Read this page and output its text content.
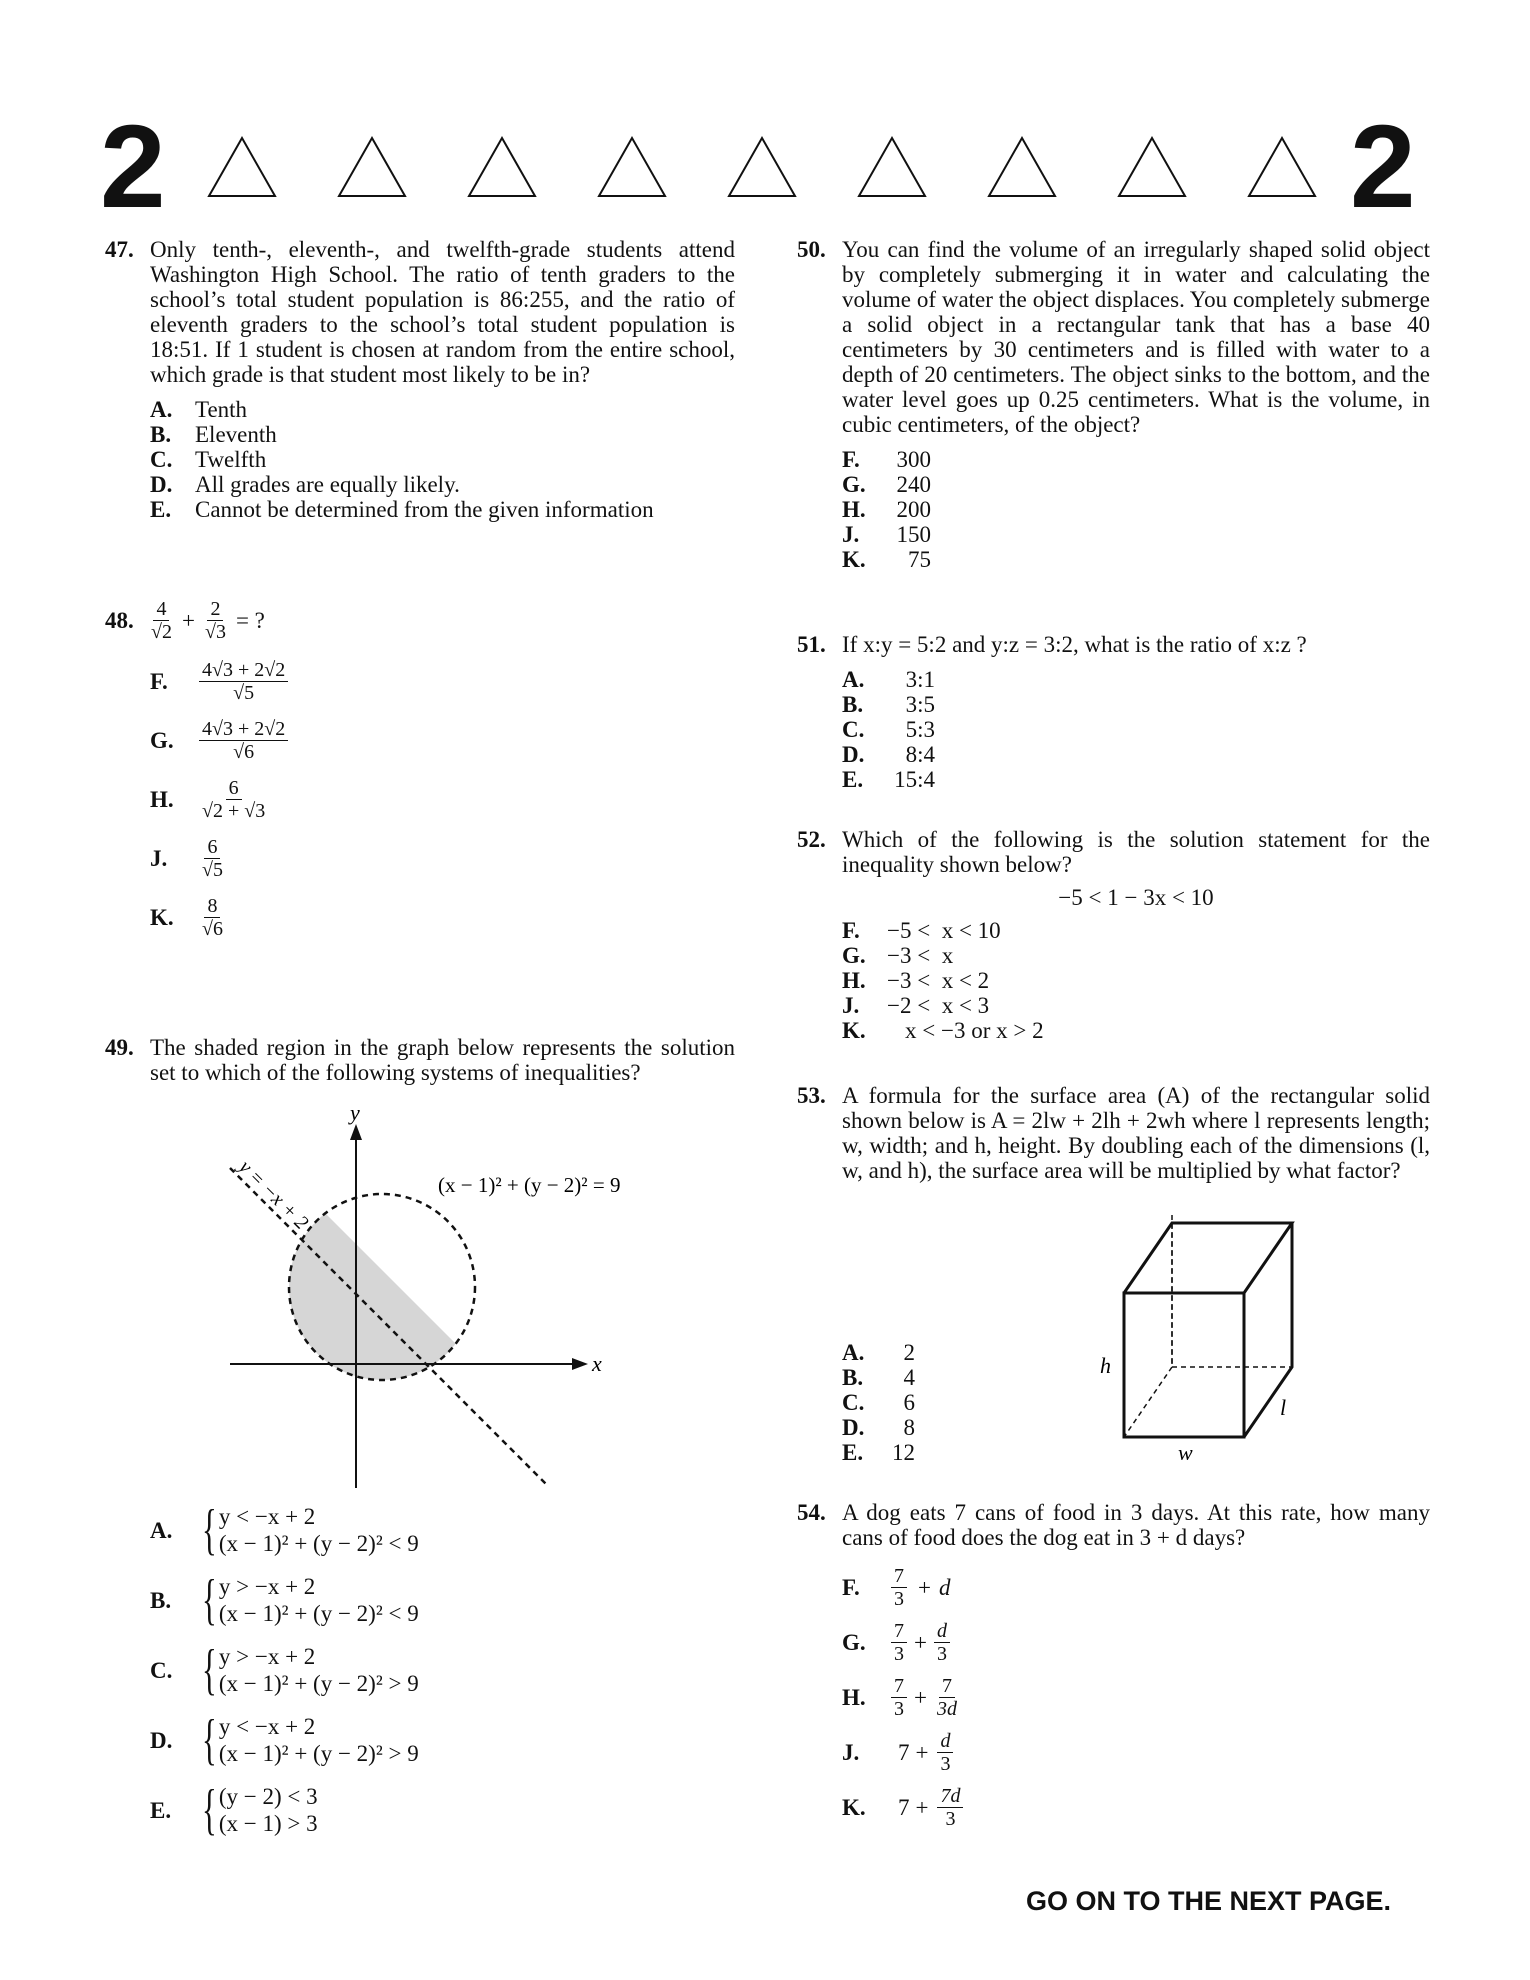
2	2
47. Only tenth-, eleventh-, and twelfth-grade students attend Washington High School. The ratio of tenth graders to the school’s total student population is 86:255, and the ratio of eleventh graders to the school’s total student population is 18:51. If 1 student is chosen at random from the entire school, which grade is that student most likely to be in?
A. Tenth
B.	Eleventh
C. Twelfth
D. All grades are equally likely.
E.	Cannot be determined from the given information
48. $\frac{4}{√2} + \frac{2}{√3}$ = ?
F.	$\frac{4√3 + 2√2}{√5}$
G.	$\frac{4√3 + 2√2}{√6}$
H.	$\frac{6}{√2 + √3}$
J.	$\frac{6}{√5}$
K.	$\frac{8}{√6}$
49. The shaded region in the graph below represents the solution set to which of the following systems of inequalities?
x
y
y = −x + 2	(x − 1)² + (y − 2)² = 9
A. { y < −x + 2
(x − 1)² + (y − 2)² < 9
B. { y > −x + 2
(x − 1)² + (y − 2)² < 9
C. { y > −x + 2
(x − 1)² + (y − 2)² > 9
D. { y < −x + 2
(x − 1)² + (y − 2)² > 9
E. { (y − 2) < 3
(x − 1) > 3
50. You can find the volume of an irregularly shaped solid object by completely submerging it in water and calculating the volume of water the object displaces. You completely submerge a solid object in a rectangular tank that has a base 40 centimeters by 30 centimeters and is filled with water to a depth of 20 centimeters. The object sinks to the bottom, and the water level goes up 0.25 centimeters. What is the volume, in cubic centimeters, of the object?
F.	300
G.	240
H.	200
J.	150
K.	75
51. If x:y = 5:2 and y:z = 3:2, what is the ratio of x:z ?
A.	3:1
B.	3:5
C.	5:3
D.	8:4
E.	15:4
52. Which of the following is the solution statement for the inequality shown below?
−5 < 1 − 3x < 10
F.	−5 <  x < 10
G. −3 <  x
H. −3 <  x < 2
J.	−2 <  x < 3
K.	x < −3 or x > 2
53. A formula for the surface area (A) of the rectangular solid shown below is A = 2lw + 2lh + 2wh where l represents length; w, width; and h, height. By doubling each of the dimensions (l, w, and h), the surface area will be multiplied by what factor?
A.	2
B.	4
C.	6
D.	8
E.	12
h
w
l
54. A dog eats 7 cans of food in 3 days. At this rate, how many cans of food does the dog eat in 3 + d days?
F.	$\frac{7}{3} + d$
G.	$\frac{7}{3} + \frac{d}{3}$
H.	$\frac{7}{3} + \frac{7}{3d}$
J.	$7 + \frac{d}{3}$
K.	$7 + \frac{7d}{3}$
GO ON TO THE NEXT PAGE.
